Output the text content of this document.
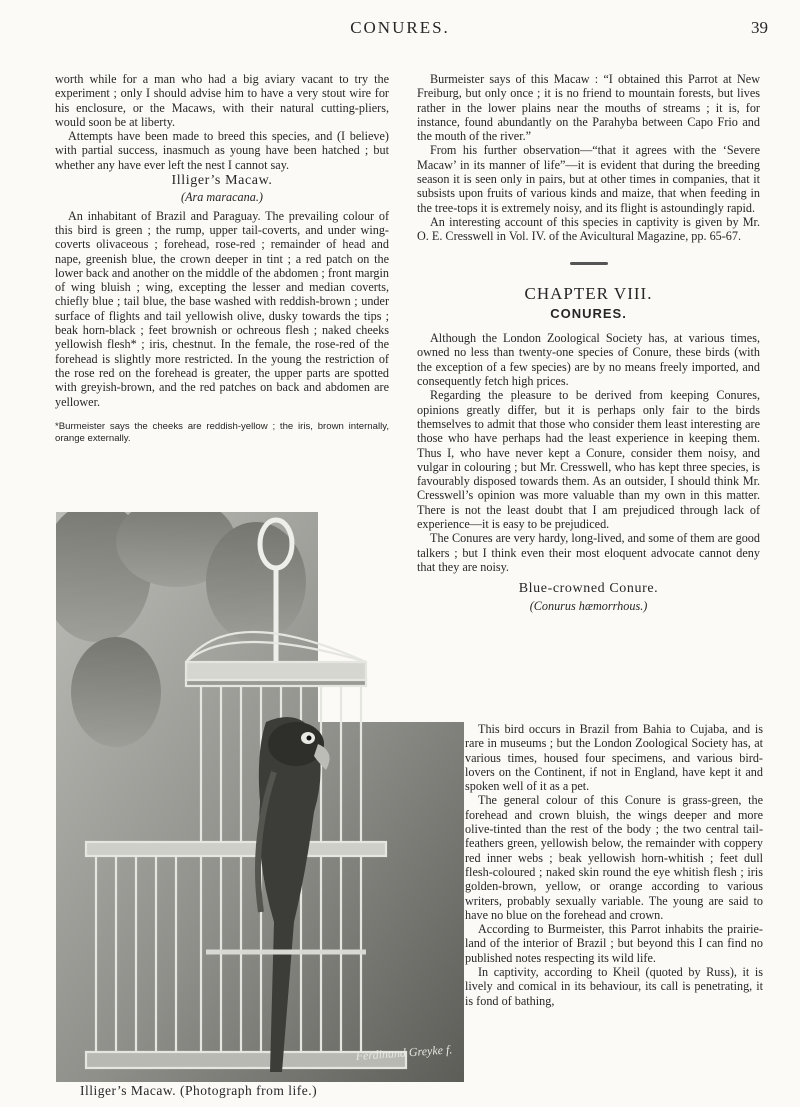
CONURES.	39

worth while for a man who had a big aviary vacant to try the experiment ; only I should advise him to have a very stout wire for his enclosure, or the Macaws, with their natural cutting-pliers, would soon be at liberty.

Attempts have been made to breed this species, and (I believe) with partial success, inasmuch as young have been hatched ; but whether any have ever left the nest I cannot say.

Illiger’s Macaw.
(Ara maracana.)

An inhabitant of Brazil and Paraguay. The prevailing colour of this bird is green ; the rump, upper tail-coverts, and under wing-coverts olivaceous ; forehead, rose-red ; remainder of head and nape, greenish blue, the crown deeper in tint ; a red patch on the lower back and another on the middle of the abdomen ; front margin of wing bluish ; wing, excepting the lesser and median coverts, chiefly blue ; tail blue, the base washed with reddish-brown ; under surface of flights and tail yellowish olive, dusky towards the tips ; beak horn-black ; feet brownish or ochreous flesh ; naked cheeks yellowish flesh* ; iris, chestnut. In the female, the rose-red of the forehead is slightly more restricted. In the young the restriction of the rose red on the forehead is greater, the upper parts are spotted with greyish-brown, and the red patches on back and abdomen are yellower.

*Burmeister says the cheeks are reddish-yellow ; the iris, brown internally, orange externally.

Burmeister says of this Macaw : “I obtained this Parrot at New Freiburg, but only once ; it is no friend to mountain forests, but lives rather in the lower plains near the mouths of streams ; it is, for instance, found abundantly on the Parahyba between Capo Frio and the mouth of the river.”

From his further observation—“that it agrees with the ‘Severe Macaw’ in its manner of life”—it is evident that during the breeding season it is seen only in pairs, but at other times in companies, that it subsists upon fruits of various kinds and maize, that when feeding in the tree-tops it is extremely noisy, and its flight is astoundingly rapid.

An interesting account of this species in captivity is given by Mr. O. E. Cresswell in Vol. IV. of the Avicultural Magazine, pp. 65-67.

CHAPTER VIII.
CONURES.

Although the London Zoological Society has, at various times, owned no less than twenty-one species of Conure, these birds (with the exception of a few species) are by no means freely imported, and consequently fetch high prices.

Regarding the pleasure to be derived from keeping Conures, opinions greatly differ, but it is perhaps only fair to the birds themselves to admit that those who consider them least interesting are those who have perhaps had the least experience in keeping them. Thus I, who have never kept a Conure, consider them noisy, and vulgar in colouring ; but Mr. Cresswell, who has kept three species, is favourably disposed towards them. As an outsider, I should think Mr. Cresswell’s opinion was more valuable than my own in this matter. There is not the least doubt that I am prejudiced through lack of experience—it is easy to be prejudiced.

The Conures are very hardy, long-lived, and some of them are good talkers ; but I think even their most eloquent advocate cannot deny that they are noisy.

Blue-crowned Conure.
(Conurus hæmorrhous.)

This bird occurs in Brazil from Bahia to Cujaba, and is rare in museums ; but the London Zoological Society has, at various times, housed four specimens, and various bird-lovers on the Continent, if not in England, have kept it and spoken well of it as a pet.

The general colour of this Conure is grass-green, the forehead and crown bluish, the wings deeper and more olive-tinted than the rest of the body ; the two central tail-feathers green, yellowish below, the remainder with coppery red inner webs ; beak yellowish horn-whitish ; feet dull flesh-coloured ; naked skin round the eye whitish flesh ; iris golden-brown, yellow, or orange according to various writers, probably sexually variable. The young are said to have no blue on the forehead and crown.

According to Burmeister, this Parrot inhabits the prairie-land of the interior of Brazil ; but beyond this I can find no published notes respecting its wild life.

In captivity, according to Kheil (quoted by Russ), it is lively and comical in its behaviour, its call is penetrating, it is fond of bathing,

Ferdinand Greyke f.
Illiger’s Macaw. (Photograph from life.)
